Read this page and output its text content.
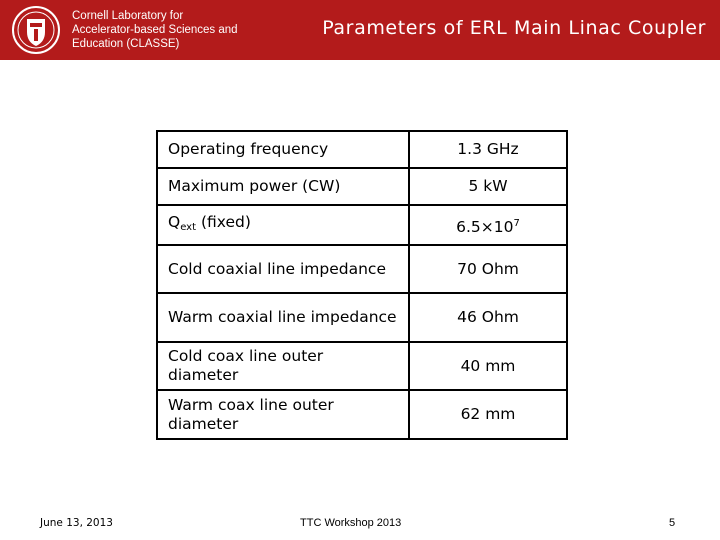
Cornell Laboratory for
Accelerator-based Sciences and
Education (CLASSE)
Parameters of ERL Main Linac Coupler
Operating frequency	1.3 GHz
Maximum power (CW)	5 kW
$Q_{ext}$ (fixed)	$6.5\times 10^7$
Cold coaxial line impedance	70 Ohm
Warm coaxial line impedance	46 Ohm
Cold coax line outer diameter	40 mm
Warm coax line outer diameter	62 mm
June 13, 2013	TTC Workshop 2013	5
